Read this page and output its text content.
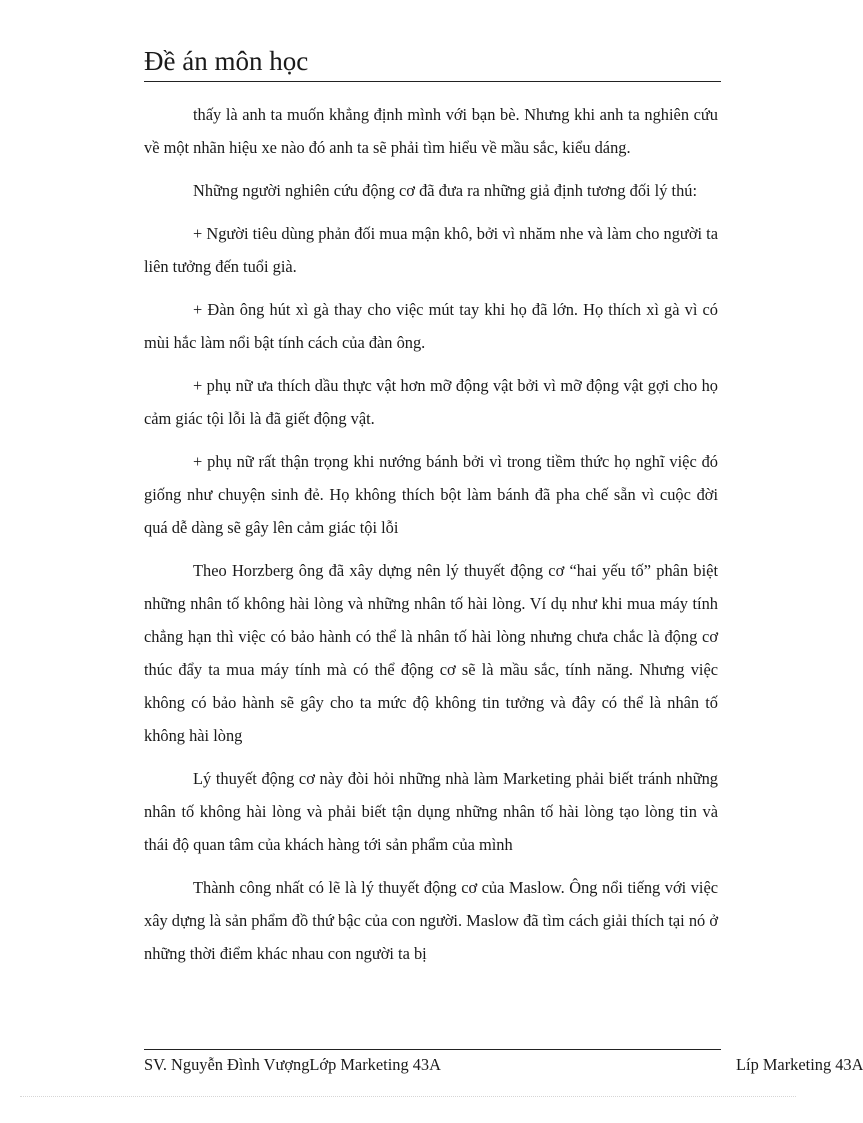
Đề án môn học

thấy là anh ta muốn khẳng định mình với bạn bè. Nhưng khi anh ta nghiên cứu về một nhãn hiệu xe nào đó anh ta sẽ phải tìm hiểu về mầu sắc, kiểu dáng.

Những người nghiên cứu động cơ đã đưa ra những giả định tương đối lý thú:

+ Người tiêu dùng phản đối mua mận khô, bởi vì nhăm nhe và làm cho người ta liên tưởng đến tuổi già.

+ Đàn ông hút xì gà thay cho việc mút tay khi họ đã lớn. Họ thích xì gà vì có mùi hắc làm nổi bật tính cách của đàn ông.

+ phụ nữ ưa thích dầu thực vật hơn mỡ động vật bởi vì mỡ động vật gợi cho họ cảm giác tội lỗi là đã giết động vật.

+ phụ nữ rất thận trọng khi nướng bánh bởi vì trong tiềm thức họ nghĩ việc đó giống như chuyện sinh đẻ. Họ không thích bột làm bánh đã pha chế sẵn vì cuộc đời quá dễ dàng sẽ gây lên cảm giác tội lỗi

Theo Horzberg ông đã xây dựng nên lý thuyết động cơ “hai yếu tố” phân biệt những nhân tố không hài lòng và những nhân tố hài lòng. Ví dụ như khi mua máy tính chẳng hạn thì việc có bảo hành có thể là nhân tố hài lòng nhưng chưa chắc là động cơ thúc đẩy ta mua máy tính mà có thể động cơ sẽ là mầu sắc, tính năng. Nhưng việc không có bảo hành sẽ gây cho ta mức độ không tin tưởng và đây có thể là nhân tố không hài lòng

Lý thuyết động cơ này đòi hỏi những nhà làm Marketing phải biết tránh những nhân tố không hài lòng và phải biết tận dụng những nhân tố hài lòng tạo lòng tin và thái độ quan tâm của khách hàng tới sản phẩm của mình

Thành công nhất có lẽ là lý thuyết động cơ của Maslow. Ông nổi tiếng với việc xây dựng là sản phẩm đồ thứ bậc của con người. Maslow đã tìm cách giải thích tại nó ở những thời điểm khác nhau con người ta bị

SV. Nguyễn Đình VượngLớp Marketing 43A	Líp Marketing 43A
